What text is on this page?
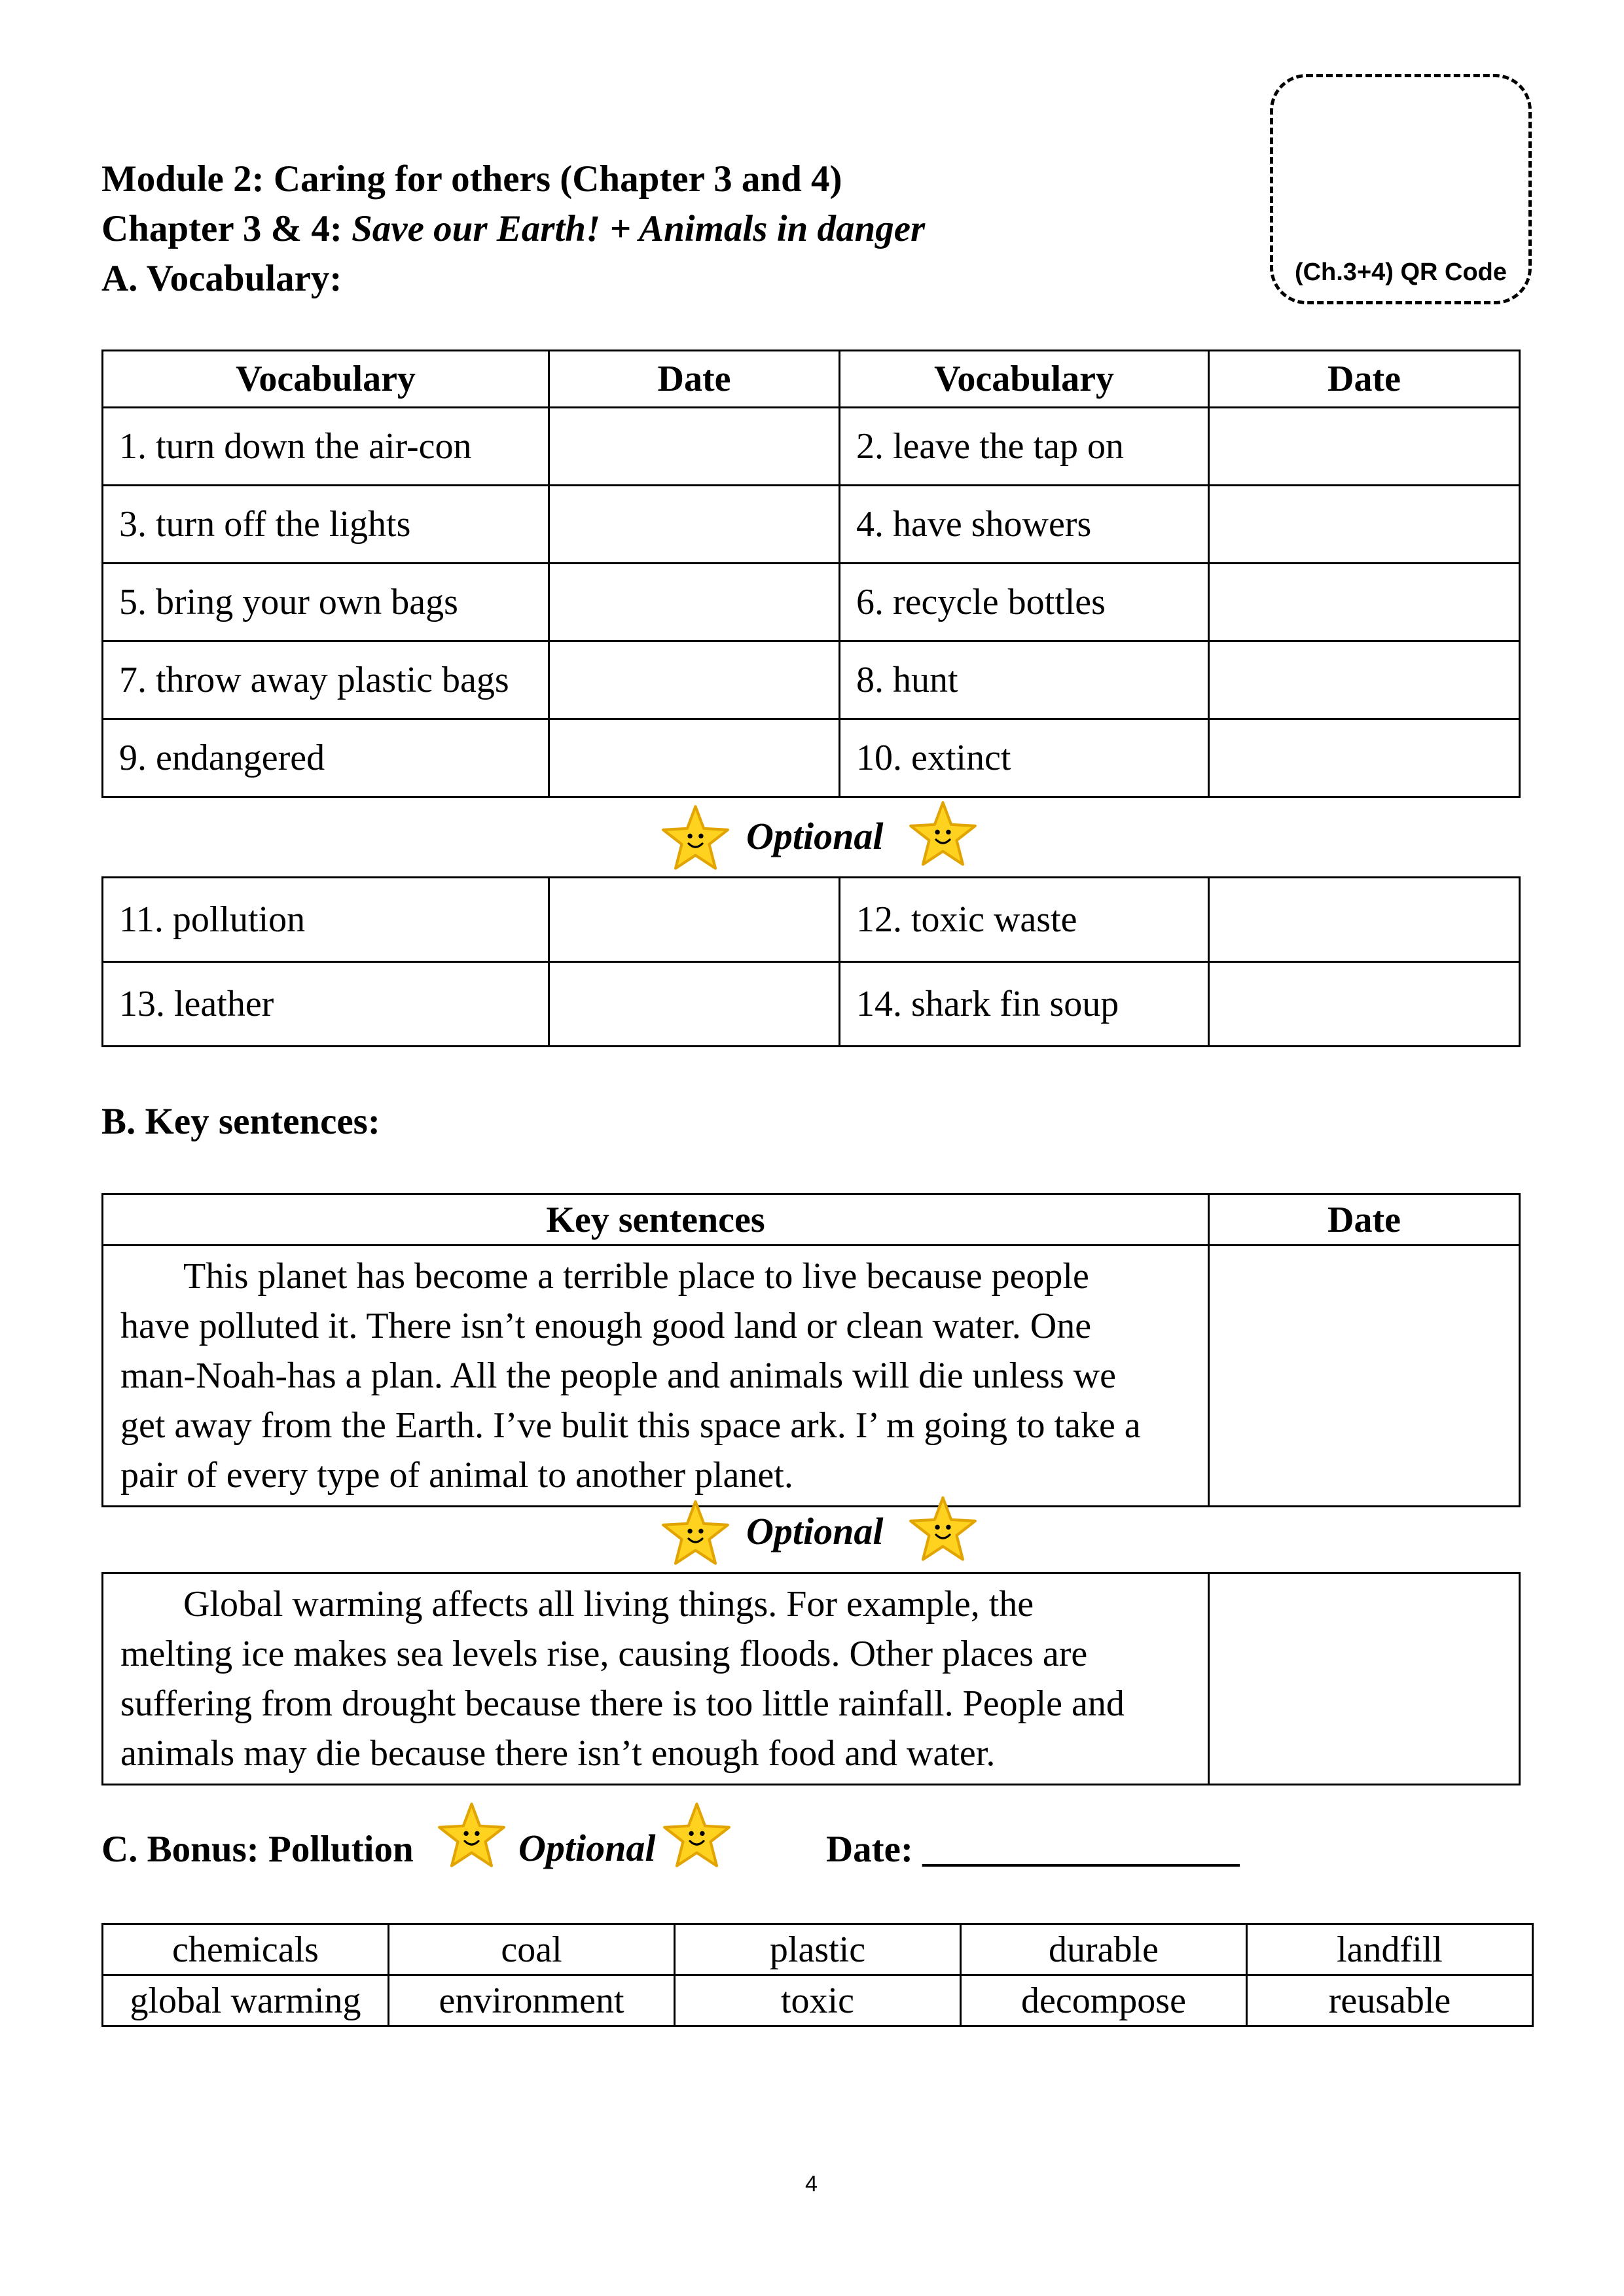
Module 2: Caring for others (Chapter 3 and 4)
Chapter 3 & 4: Save our Earth! + Animals in danger
A. Vocabulary:	(Ch.3+4) QR Code
Vocabulary	Date	Vocabulary	Date
1. turn down the air-con		2. leave the tap on	
3. turn off the lights		4. have showers	
5. bring your own bags		6. recycle bottles	
7. throw away plastic bags		8. hunt	
9. endangered		10. extinct	
Optional
11. pollution		12. toxic waste	
13. leather		14. shark fin soup	
B. Key sentences:
Key sentences	Date

This planet has become a terrible place to live because people
have polluted it. There isn’t enough good land or clean water. One
man-Noah-has a plan. All the people and animals will die unless we
get away from the Earth. I’ve bulit this space ark. I’ m going to take a
pair of every type of animal to another planet.	

Optional
Global warming affects all living things. For example, the
melting ice makes sea levels rise, causing floods. Other places are
suffering from drought because there is too little rainfall. People and
animals may die because there isn’t enough food and water.

C. Bonus: Pollution	Optional	Date: _________________
chemicals	coal	plastic	durable	landfill
global warming	environment	toxic	decompose	reusable
4
